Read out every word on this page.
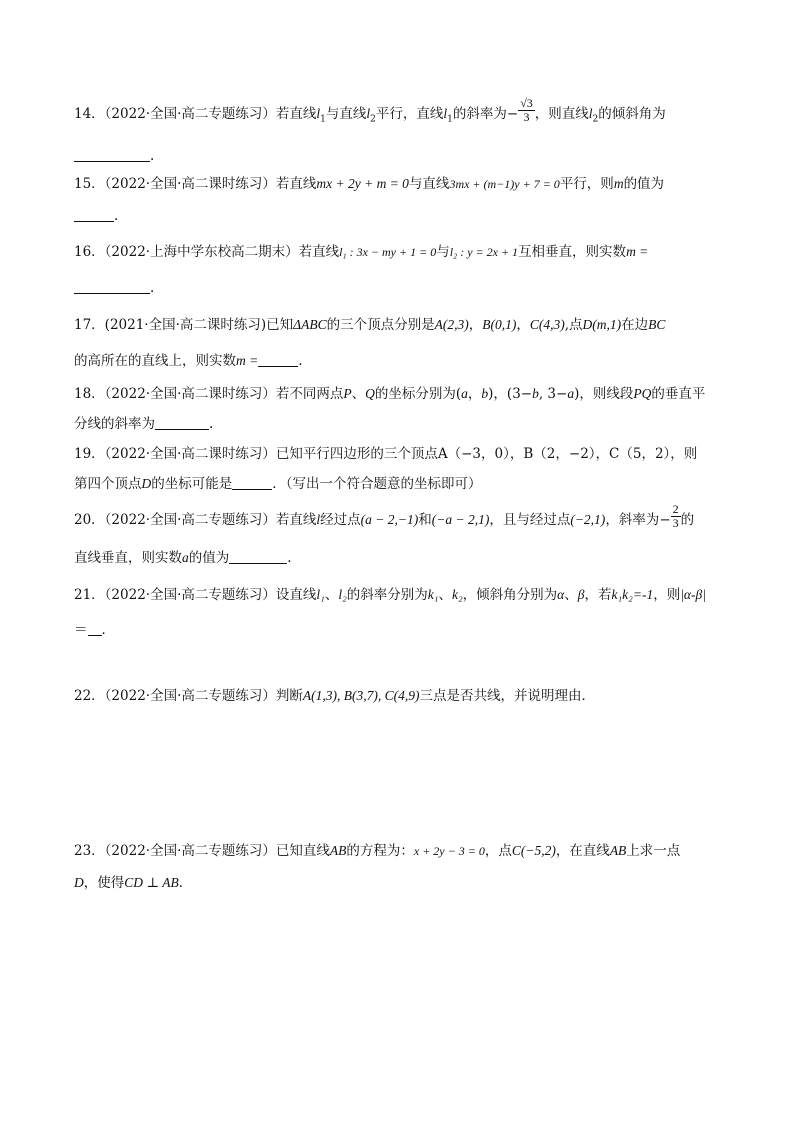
14．（2022·全国·高二专题练习）若直线$l_1$与直线$l_2$平行，直线$l_1$的斜率为− $\frac{√3}{3}$ ，则直线$l_2$的倾斜角为
.
15．（2022·全国·高二课时练习）若直线mx + 2y + m = 0与直线3mx + (m−1)y + 7 = 0平行，则m的值为
.
16．（2022·上海中学东校高二期末）若直线l₁ : 3x − my + 1 = 0与l₂ : y = 2x + 1互相垂直，则实数m =
.
17．(2021·全国·高二课时练习)已知ΔABC的三个顶点分别是A(2,3)，B(0,1)，C(4,3),点D(m,1)在边BC
的高所在的直线上，则实数m =	.
18．（2022·全国·高二课时练习）若不同两点P、Q的坐标分别为(a，b)，(3−b, 3−a)，则线段PQ的垂直平
分线的斜率为	.
19．（2022·全国·高二课时练习）已知平行四边形的三个顶点A（−3，0），B（2，−2），C（5，2），则
第四个顶点D的坐标可能是	．（写出一个符合题意的坐标即可）
20．（2022·全国·高二专题练习）若直线l经过点(a − 2,−1)和(−a − 2,1)，且与经过点(−2,1)，斜率为− $\frac{2}{3}$ 的
直线垂直，则实数a的值为	.
21．（2022·全国·高二专题练习）设直线l₁、l₂的斜率分别为k₁、k₂，倾斜角分别为α、β，若k₁k₂=-1，则|α-β|
＝ ．
22．（2022·全国·高二专题练习）判断A(1,3), B(3,7), C(4,9)三点是否共线，并说明理由．
23．（2022·全国·高二专题练习）已知直线AB的方程为：x + 2y − 3 = 0，点C(−5,2)，在直线AB上求一点
D，使得CD ⊥ AB．
